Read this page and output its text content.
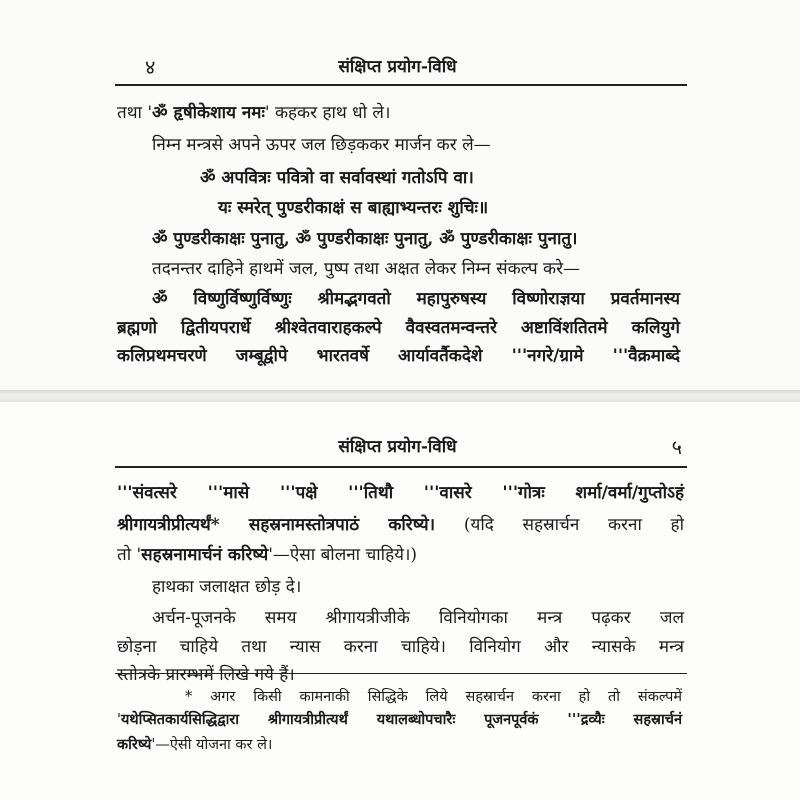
४	संक्षिप्त प्रयोग-विधि
तथा 'ॐ हृषीकेशाय नमः' कहकर हाथ धो ले।
निम्न मन्त्रसे अपने ऊपर जल छिड़ककर मार्जन कर ले—
ॐ अपवित्रः पवित्रो वा सर्वावस्थां गतोऽपि वा।
यः स्मरेत् पुण्डरीकाक्षं स बाह्याभ्यन्तरः शुचिः॥
ॐ पुण्डरीकाक्षः पुनातु, ॐ पुण्डरीकाक्षः पुनातु, ॐ पुण्डरीकाक्षः पुनातु।
तदनन्तर दाहिने हाथमें जल, पुष्प तथा अक्षत लेकर निम्न संकल्प करे—
ॐ विष्णुर्विष्णुर्विष्णुः श्रीमद्भगवतो महापुरुषस्य विष्णोराज्ञया प्रवर्तमानस्य
ब्रह्मणो द्वितीयपरार्धे श्रीश्वेतवाराहकल्पे वैवस्वतमन्वन्तरे अष्टाविंशतितमे कलियुगे
कलिप्रथमचरणे जम्बूद्वीपे भारतवर्षे आर्यावर्तैकदेशे '''नगरे/ग्रामे '''वैक्रमाब्दे
संक्षिप्त प्रयोग-विधि	५
'''संवत्सरे '''मासे '''पक्षे '''तिथौ '''वासरे '''गोत्रः शर्मा/वर्मा/गुप्तोऽहं
श्रीगायत्रीप्रीत्यर्थं* सहस्रनामस्तोत्रपाठं करिष्ये। (यदि सहस्रार्चन करना हो
तो 'सहस्रनामार्चनं करिष्ये'—ऐसा बोलना चाहिये।)
हाथका जलाक्षत छोड़ दे।
अर्चन-पूजनके समय श्रीगायत्रीजीके विनियोगका मन्त्र पढ़कर जल
छोड़ना चाहिये तथा न्यास करना चाहिये। विनियोग और न्यासके मन्त्र
स्तोत्रके प्रारम्भमें लिखे गये हैं।
* अगर किसी कामनाकी सिद्धिके लिये सहस्रार्चन करना हो तो संकल्पमें
'यथेप्सितकार्यसिद्धिद्वारा श्रीगायत्रीप्रीत्यर्थं यथालब्धोपचारैः पूजनपूर्वकं '''द्रव्यैः सहस्रार्चनं
करिष्ये'—ऐसी योजना कर ले।
